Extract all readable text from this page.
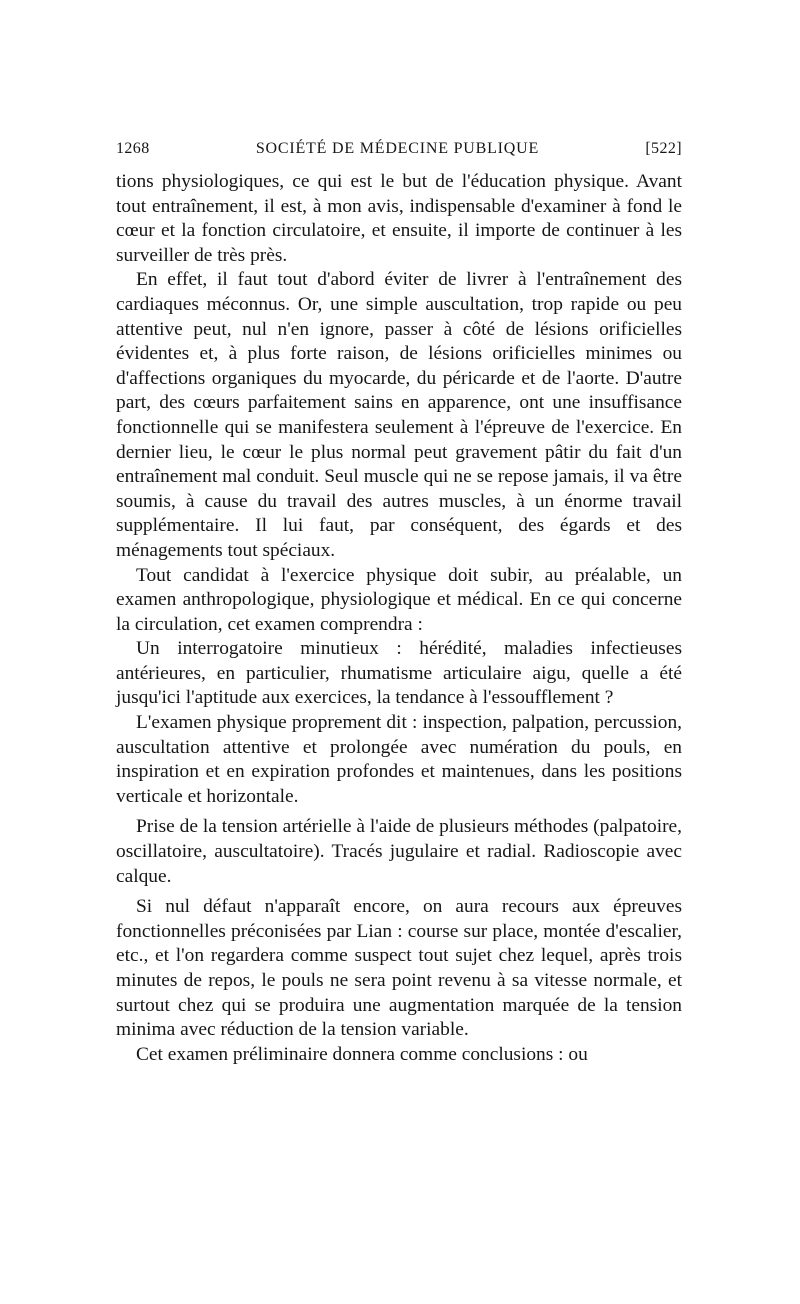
1268	SOCIÉTÉ DE MÉDECINE PUBLIQUE	[522]

tions physiologiques, ce qui est le but de l'éducation physique. Avant tout entraînement, il est, à mon avis, indispensable d'examiner à fond le cœur et la fonction circulatoire, et ensuite, il importe de continuer à les surveiller de très près.

En effet, il faut tout d'abord éviter de livrer à l'entraînement des cardiaques méconnus. Or, une simple auscultation, trop rapide ou peu attentive peut, nul n'en ignore, passer à côté de lésions orificielles évidentes et, à plus forte raison, de lésions orificielles minimes ou d'affections organiques du myocarde, du péricarde et de l'aorte. D'autre part, des cœurs parfaitement sains en apparence, ont une insuffisance fonctionnelle qui se manifestera seulement à l'épreuve de l'exercice. En dernier lieu, le cœur le plus normal peut gravement pâtir du fait d'un entraînement mal conduit. Seul muscle qui ne se repose jamais, il va être soumis, à cause du travail des autres muscles, à un énorme travail supplémentaire. Il lui faut, par conséquent, des égards et des ménagements tout spéciaux.

Tout candidat à l'exercice physique doit subir, au préalable, un examen anthropologique, physiologique et médical. En ce qui concerne la circulation, cet examen comprendra :

Un interrogatoire minutieux : hérédité, maladies infectieuses antérieures, en particulier, rhumatisme articulaire aigu, quelle a été jusqu'ici l'aptitude aux exercices, la tendance à l'essoufflement ?

L'examen physique proprement dit : inspection, palpation, percussion, auscultation attentive et prolongée avec numération du pouls, en inspiration et en expiration profondes et maintenues, dans les positions verticale et horizontale.

Prise de la tension artérielle à l'aide de plusieurs méthodes (palpatoire, oscillatoire, auscultatoire). Tracés jugulaire et radial. Radioscopie avec calque.

Si nul défaut n'apparaît encore, on aura recours aux épreuves fonctionnelles préconisées par Lian : course sur place, montée d'escalier, etc., et l'on regardera comme suspect tout sujet chez lequel, après trois minutes de repos, le pouls ne sera point revenu à sa vitesse normale, et surtout chez qui se produira une augmentation marquée de la tension minima avec réduction de la tension variable.

Cet examen préliminaire donnera comme conclusions : ou
